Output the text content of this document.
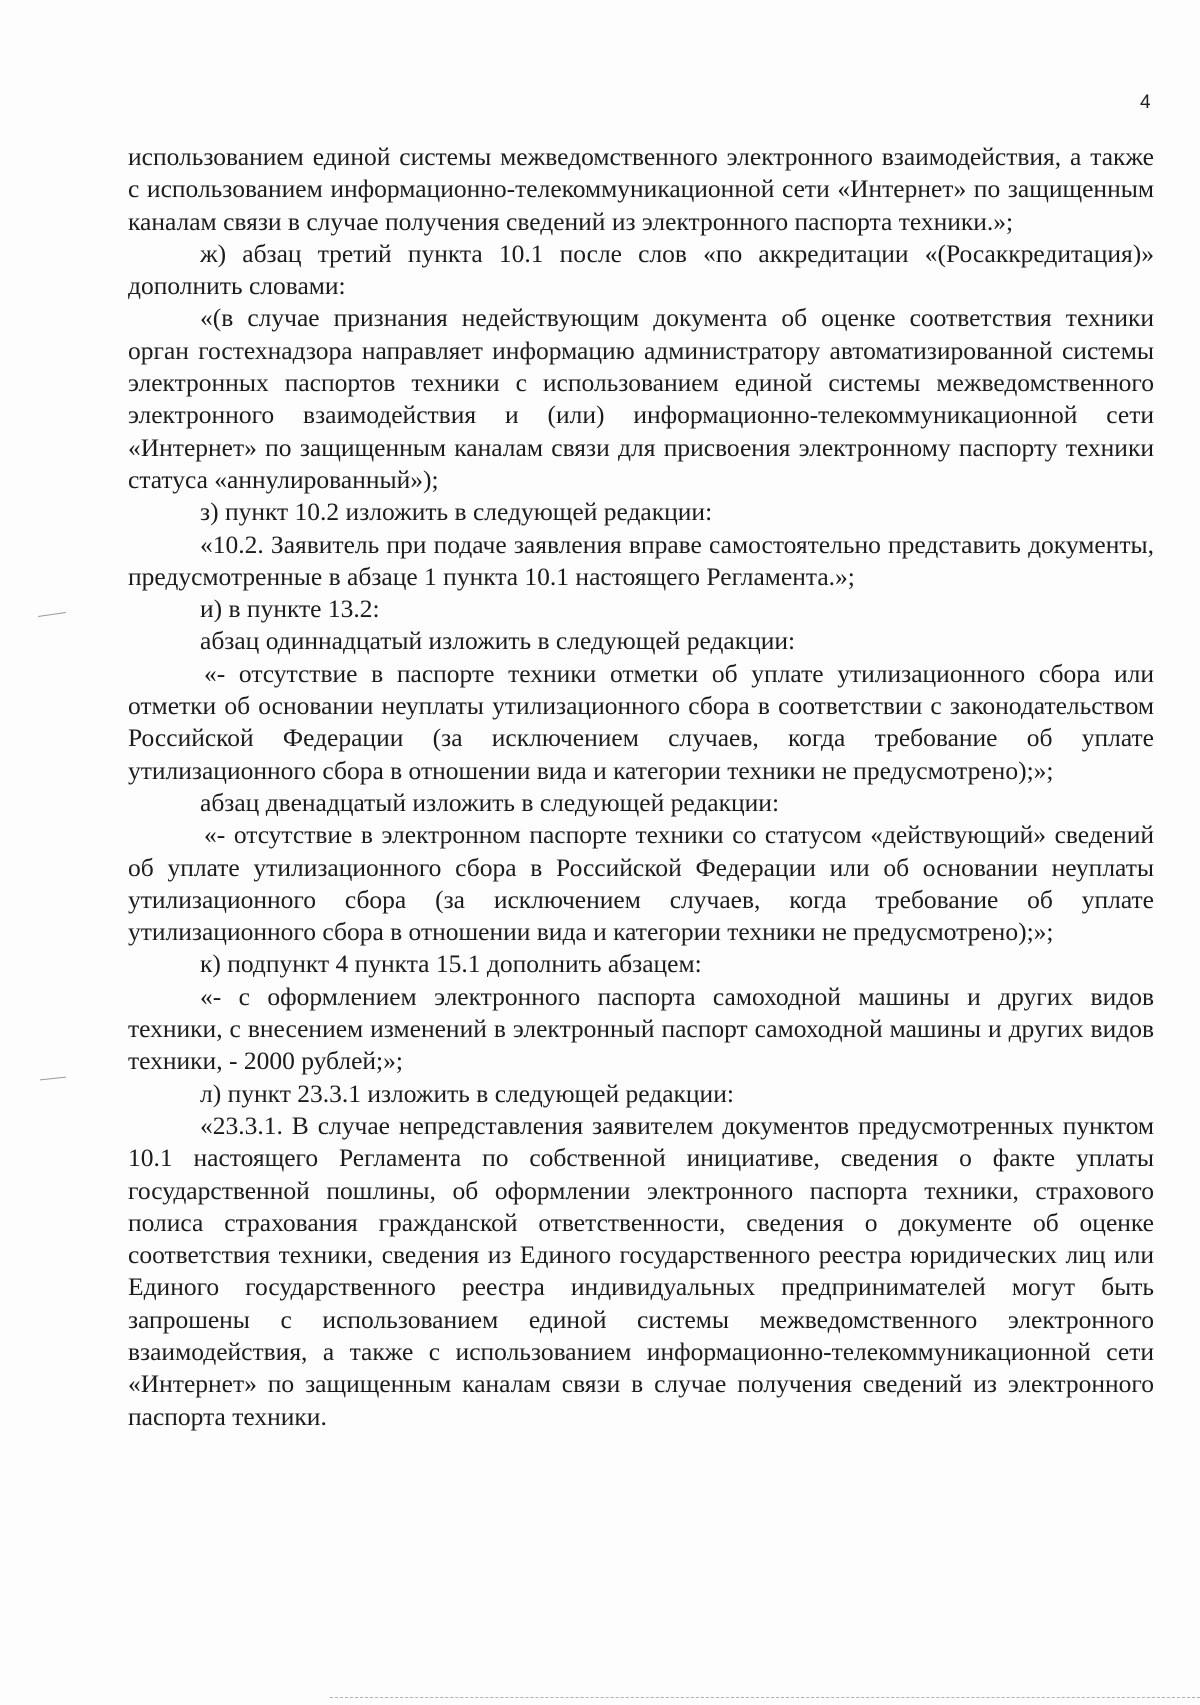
4

использованием единой системы межведомственного электронного взаимодействия, а также с использованием информационно-телекоммуникационной сети «Интернет» по защищенным каналам связи в случае получения сведений из электронного паспорта техники.»;

ж) абзац третий пункта 10.1 после слов «по аккредитации «(Росаккредитация)» дополнить словами:

«(в случае признания недействующим документа об оценке соответствия техники орган гостехнадзора направляет информацию администратору автоматизированной системы электронных паспортов техники с использованием единой системы межведомственного электронного взаимодействия и (или) информационно-телекоммуникационной сети «Интернет» по защищенным каналам связи для присвоения электронному паспорту техники статуса «аннулированный»);

з) пункт 10.2 изложить в следующей редакции:

«10.2. Заявитель при подаче заявления вправе самостоятельно представить документы, предусмотренные в абзаце 1 пункта 10.1 настоящего Регламента.»;

и) в пункте 13.2:

абзац одиннадцатый изложить в следующей редакции:

«- отсутствие в паспорте техники отметки об уплате утилизационного сбора или отметки об основании неуплаты утилизационного сбора в соответствии с законодательством Российской Федерации (за исключением случаев, когда требование об уплате утилизационного сбора в отношении вида и категории техники не предусмотрено);»;

абзац двенадцатый изложить в следующей редакции:

«- отсутствие в электронном паспорте техники со статусом «действующий» сведений об уплате утилизационного сбора в Российской Федерации или об основании неуплаты утилизационного сбора (за исключением случаев, когда требование об уплате утилизационного сбора в отношении вида и категории техники не предусмотрено);»;

к) подпункт 4 пункта 15.1 дополнить абзацем:

«- с оформлением электронного паспорта самоходной машины и других видов техники, с внесением изменений в электронный паспорт самоходной машины и других видов техники, - 2000 рублей;»;

л) пункт 23.3.1 изложить в следующей редакции:

«23.3.1. В случае непредставления заявителем документов предусмотренных пунктом 10.1 настоящего Регламента по собственной инициативе, сведения о факте уплаты государственной пошлины, об оформлении электронного паспорта техники, страхового полиса страхования гражданской ответственности, сведения о документе об оценке соответствия техники, сведения из Единого государственного реестра юридических лиц или Единого государственного реестра индивидуальных предпринимателей могут быть запрошены с использованием единой системы межведомственного электронного взаимодействия, а также с использованием информационно-телекоммуникационной сети «Интернет» по защищенным каналам связи в случае получения сведений из электронного паспорта техники.
